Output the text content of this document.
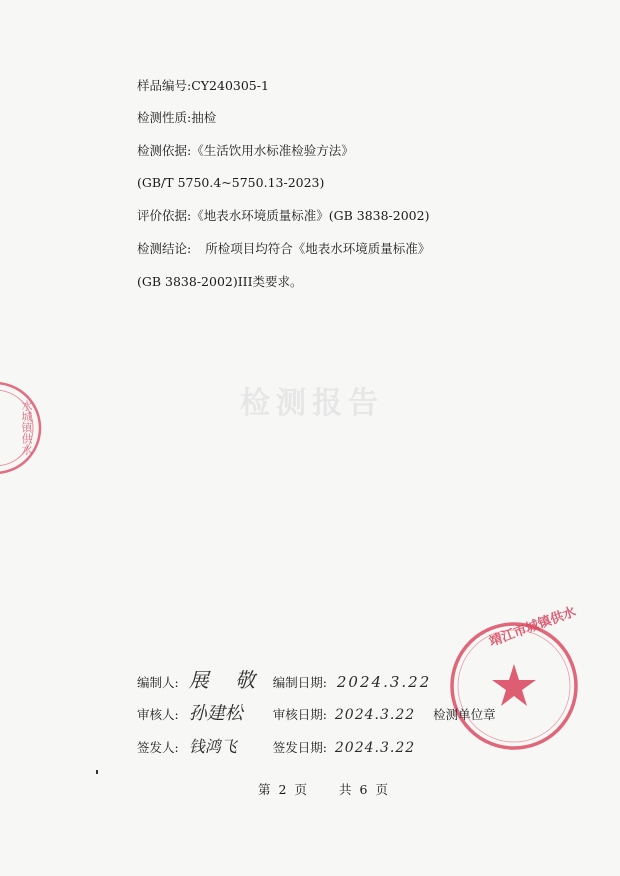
检测报告
样品编号:CY240305-1
检测性质:抽检
检测依据:《生活饮用水标准检验方法》
(GB/T 5750.4~5750.13-2023)
评价依据:《地表水环境质量标准》(GB 3838-2002)
检测结论: 所检项目均符合《地表水环境质量标准》
(GB 3838-2002)III类要求。
水城镇供水
靖江市城镇供水
编制人: 展 敬 编制日期: 2024.3.22
审核人: 孙建松 审核日期: 2024.3.22 检测单位章
签发人: 钱鸿飞	签发日期: 2024.3.22
第 2 页	共 6 页
